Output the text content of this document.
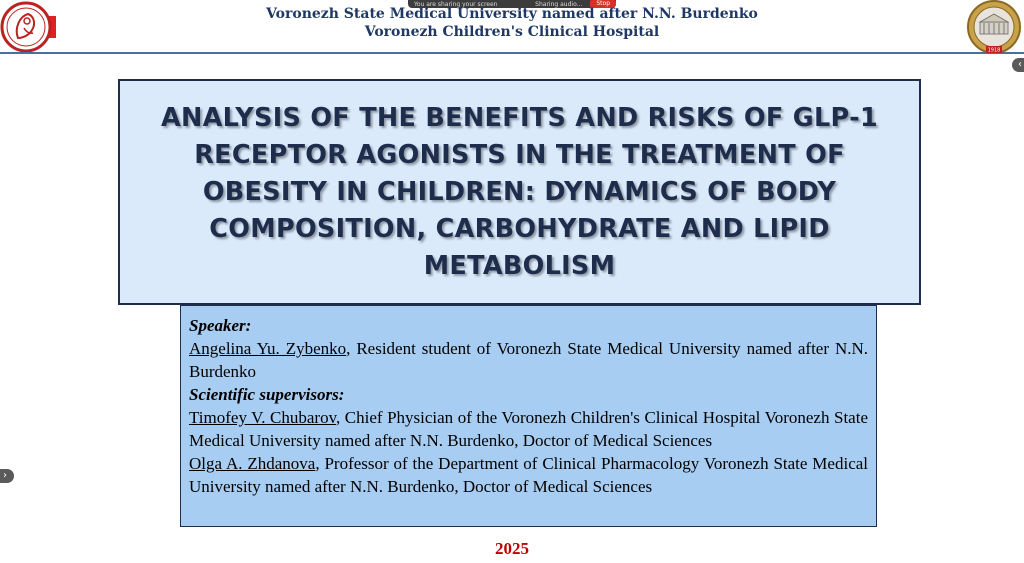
You are sharing your screen	Sharing audio...	Stop
Voronezh State Medical University named after N.N. Burdenko
Voronezh Children's Clinical Hospital
1918
‹
ANALYSIS OF THE BENEFITS AND RISKS OF GLP-1 RECEPTOR AGONISTS IN THE TREATMENT OF OBESITY IN CHILDREN: DYNAMICS OF BODY COMPOSITION, CARBOHYDRATE AND LIPID METABOLISM
Speaker:

Angelina Yu. Zybenko, Resident student of Voronezh State Medical University named after N.N. Burdenko

Scientific supervisors:

Timofey V. Chubarov, Chief Physician of the Voronezh Children's Clinical Hospital Voronezh State Medical University named after N.N. Burdenko, Doctor of Medical Sciences

Olga A. Zhdanova, Professor of the Department of Clinical Pharmacology Voronezh State Medical University named after N.N. Burdenko, Doctor of Medical Sciences

›
2025
